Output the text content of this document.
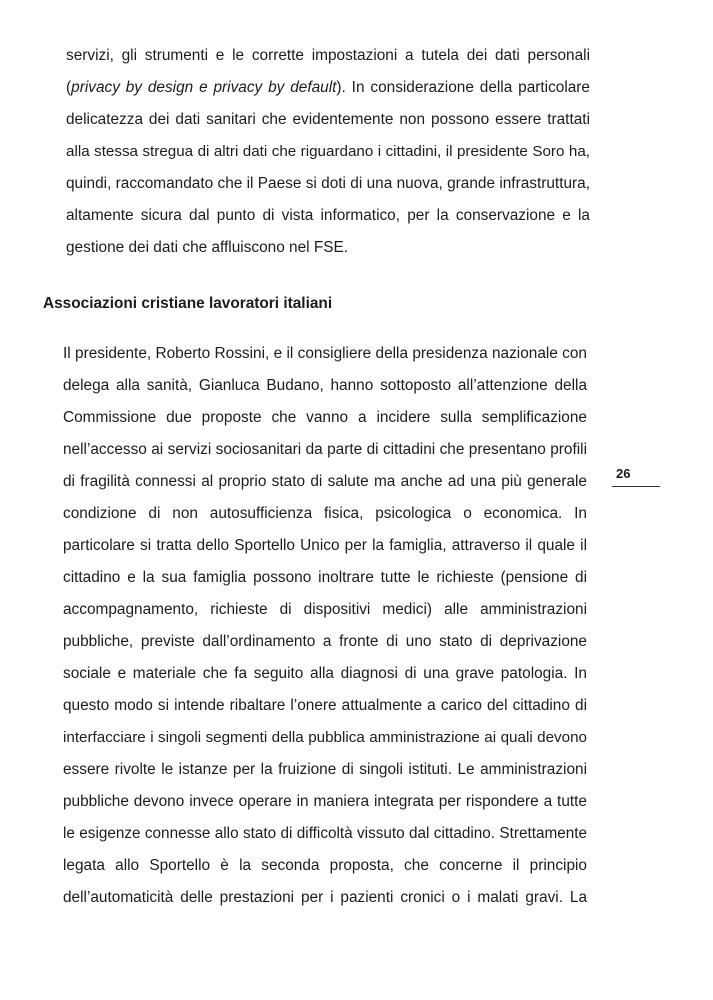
servizi, gli strumenti e le corrette impostazioni a tutela dei dati personali
(privacy by design e privacy by default). In considerazione della particolare
delicatezza dei dati sanitari che evidentemente non possono essere trattati
alla stessa stregua di altri dati che riguardano i cittadini, il presidente Soro ha,
quindi, raccomandato che il Paese si doti di una nuova, grande infrastruttura,
altamente sicura dal punto di vista informatico, per la conservazione e la
gestione dei dati che affluiscono nel FSE.
Associazioni cristiane lavoratori italiani
Il presidente, Roberto Rossini, e il consigliere della presidenza nazionale con
delega alla sanità, Gianluca Budano, hanno sottoposto all’attenzione della
Commissione due proposte che vanno a incidere sulla semplificazione
nell’accesso ai servizi sociosanitari da parte di cittadini che presentano profili
di fragilità connessi al proprio stato di salute ma anche ad una più generale
condizione di non autosufficienza fisica, psicologica o economica. In
particolare si tratta dello Sportello Unico per la famiglia, attraverso il quale il
cittadino e la sua famiglia possono inoltrare tutte le richieste (pensione di
accompagnamento, richieste di dispositivi medici) alle amministrazioni
pubbliche, previste dall’ordinamento a fronte di uno stato di deprivazione
sociale e materiale che fa seguito alla diagnosi di una grave patologia. In
questo modo si intende ribaltare l’onere attualmente a carico del cittadino di
interfacciare i singoli segmenti della pubblica amministrazione ai quali devono
essere rivolte le istanze per la fruizione di singoli istituti. Le amministrazioni
pubbliche devono invece operare in maniera integrata per rispondere a tutte
le esigenze connesse allo stato di difficoltà vissuto dal cittadino. Strettamente
legata allo Sportello è la seconda proposta, che concerne il principio
dell’automaticità delle prestazioni per i pazienti cronici o i malati gravi. La
26
